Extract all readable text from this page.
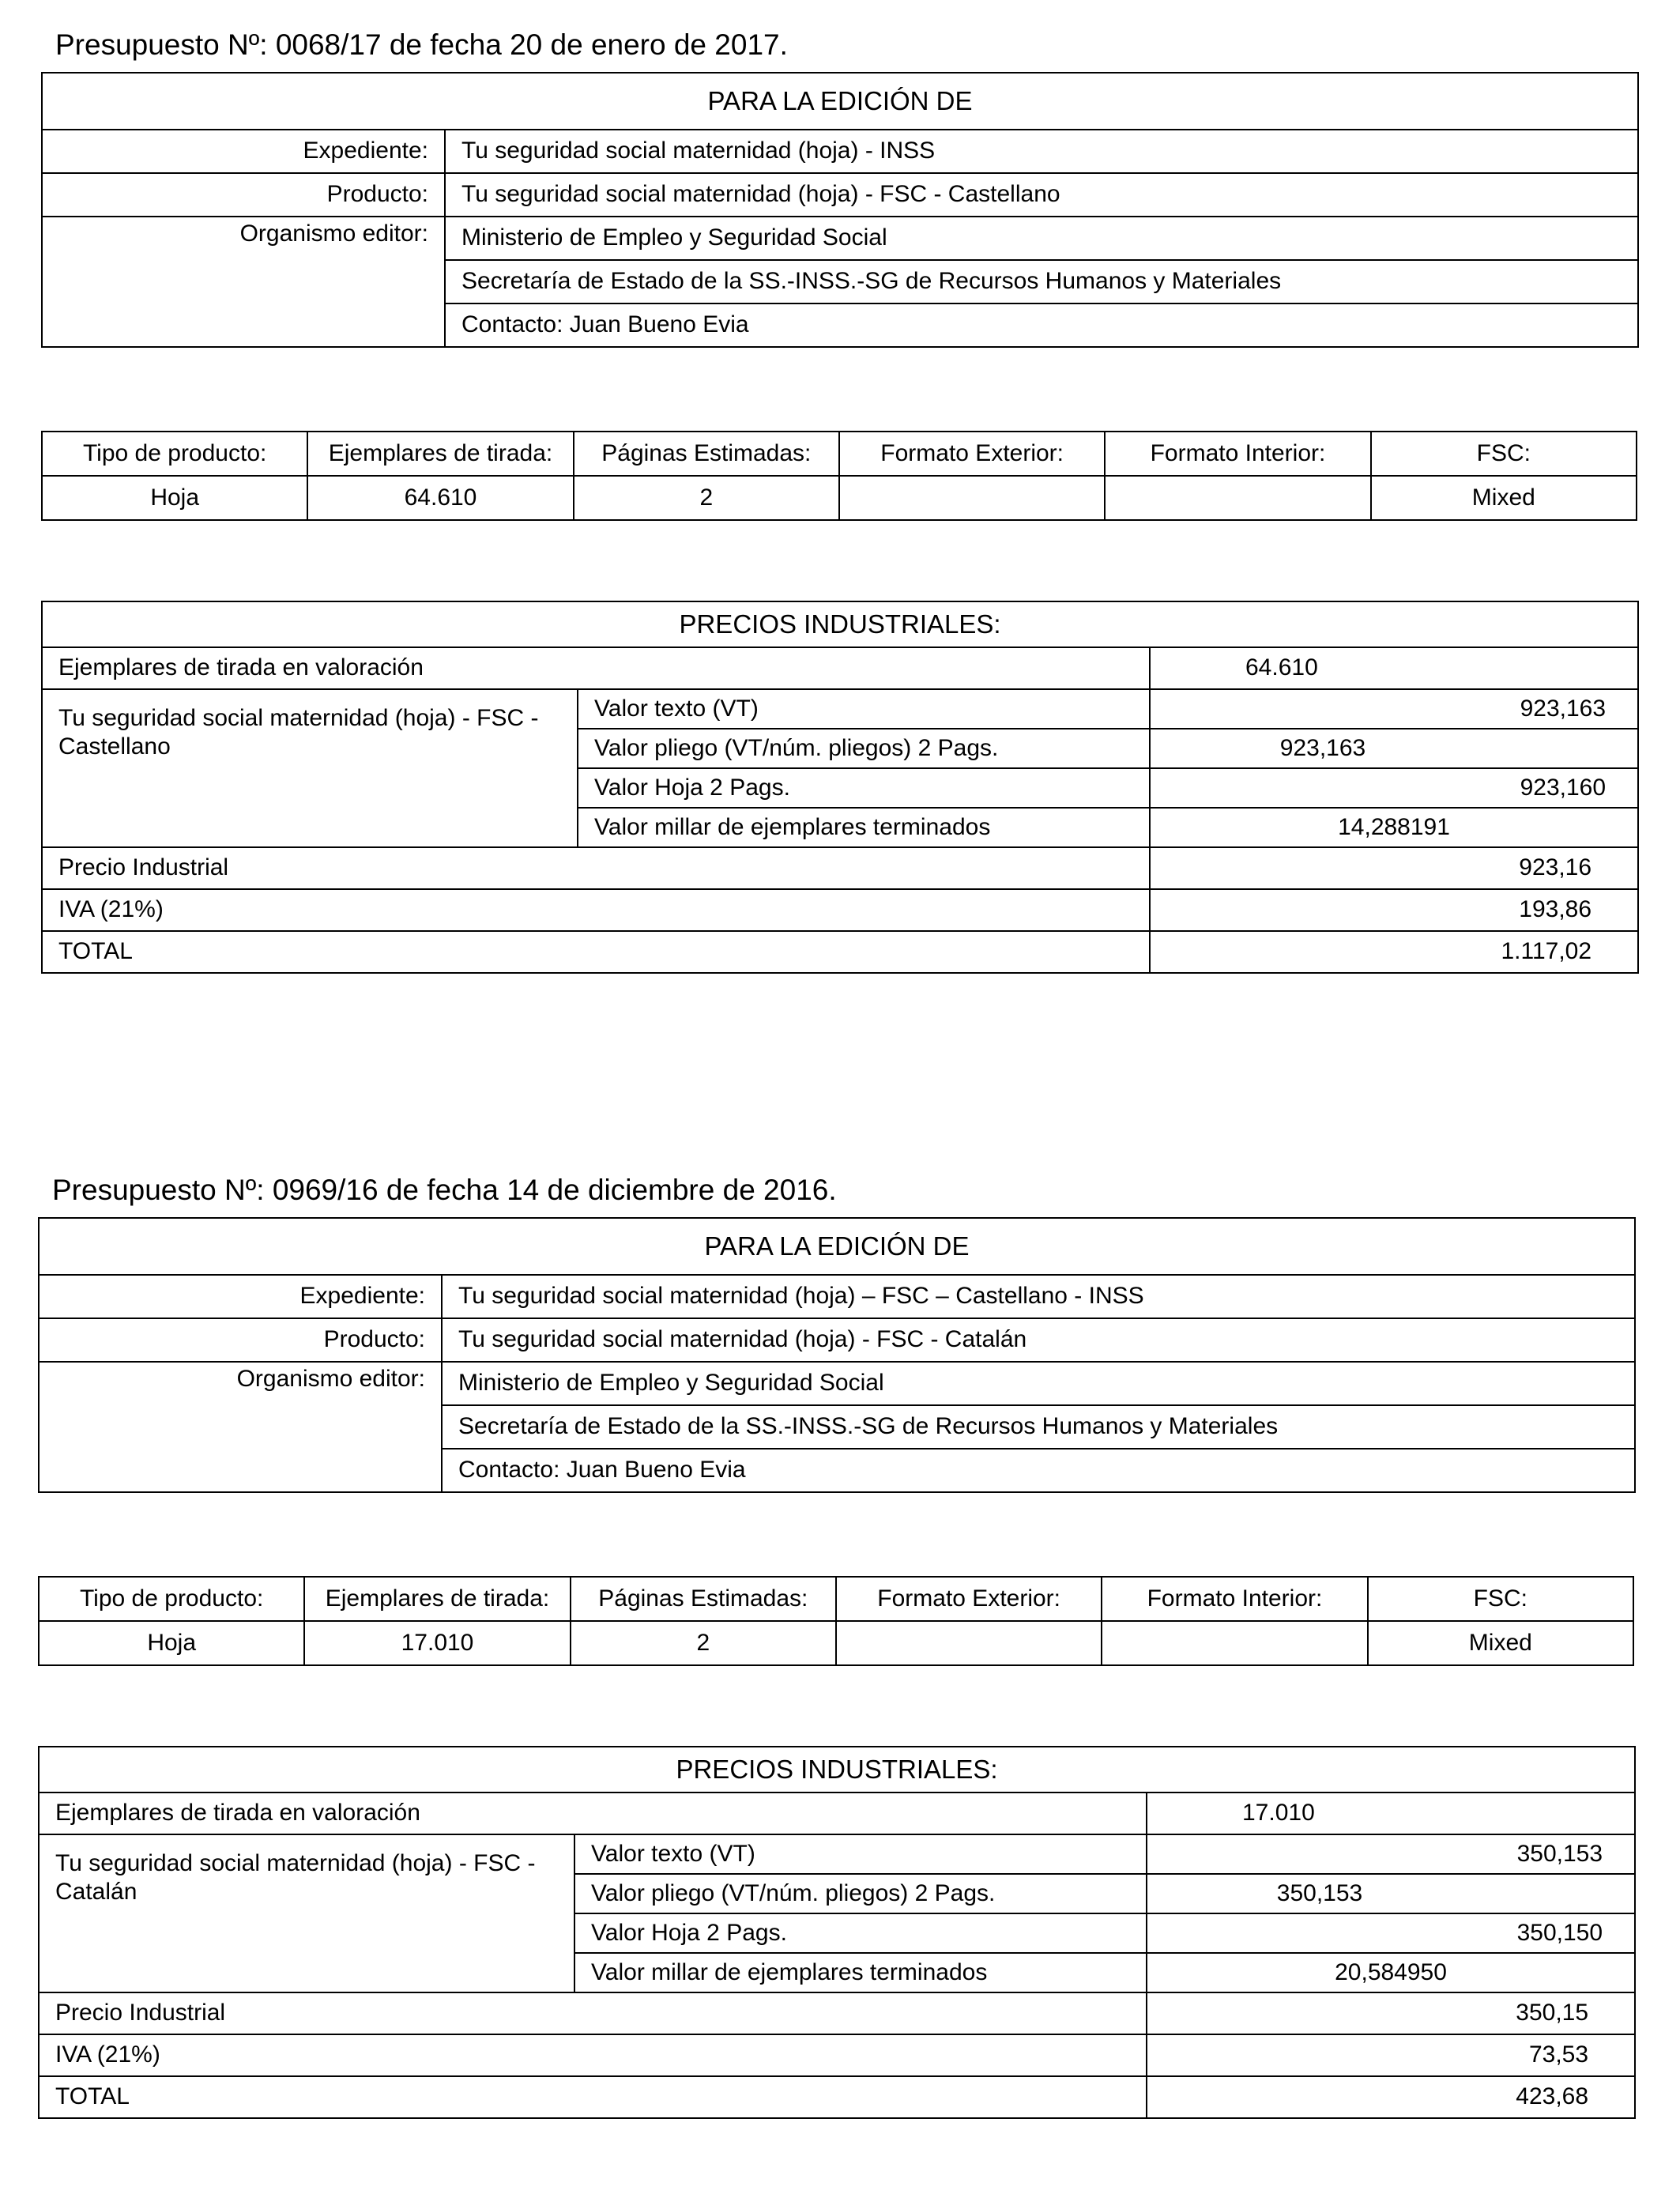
Presupuesto Nº: 0068/17 de fecha 20 de enero de 2017.
PARA LA EDICIÓN DE	
Expediente:	Tu seguridad social maternidad (hoja) - INSS
Producto:	Tu seguridad social maternidad (hoja) - FSC - Castellano
Organismo editor:	Ministerio de Empleo y Seguridad Social
	Secretaría de Estado de la SS.-INSS.-SG de Recursos Humanos y Materiales
	Contacto: Juan Bueno Evia
Tipo de producto:	Ejemplares de tirada:	Páginas Estimadas:	Formato Exterior:	Formato Interior:	FSC:
Hoja	64.610	2			Mixed
PRECIOS INDUSTRIALES:		
Ejemplares de tirada en valoración		64.610
Tu seguridad social maternidad (hoja) - FSC - Castellano	Valor texto (VT)	923,163
	Valor pliego (VT/núm. pliegos) 2 Pags.	923,163
	Valor Hoja 2 Pags.	923,160
	Valor millar de ejemplares terminados	14,288191
Precio Industrial		923,16
IVA (21%)		193,86
TOTAL		1.117,02
Presupuesto Nº: 0969/16 de fecha 14 de diciembre de 2016.
PARA LA EDICIÓN DE	
Expediente:	Tu seguridad social maternidad (hoja) – FSC – Castellano - INSS
Producto:	Tu seguridad social maternidad (hoja) - FSC - Catalán
Organismo editor:	Ministerio de Empleo y Seguridad Social
	Secretaría de Estado de la SS.-INSS.-SG de Recursos Humanos y Materiales
	Contacto: Juan Bueno Evia
Tipo de producto:	Ejemplares de tirada:	Páginas Estimadas:	Formato Exterior:	Formato Interior:	FSC:
Hoja	17.010	2			Mixed
PRECIOS INDUSTRIALES:		
Ejemplares de tirada en valoración		17.010
Tu seguridad social maternidad (hoja) - FSC - Catalán	Valor texto (VT)	350,153
	Valor pliego (VT/núm. pliegos) 2 Pags.	350,153
	Valor Hoja 2 Pags.	350,150
	Valor millar de ejemplares terminados	20,584950
Precio Industrial		350,15
IVA (21%)		73,53
TOTAL		423,68
